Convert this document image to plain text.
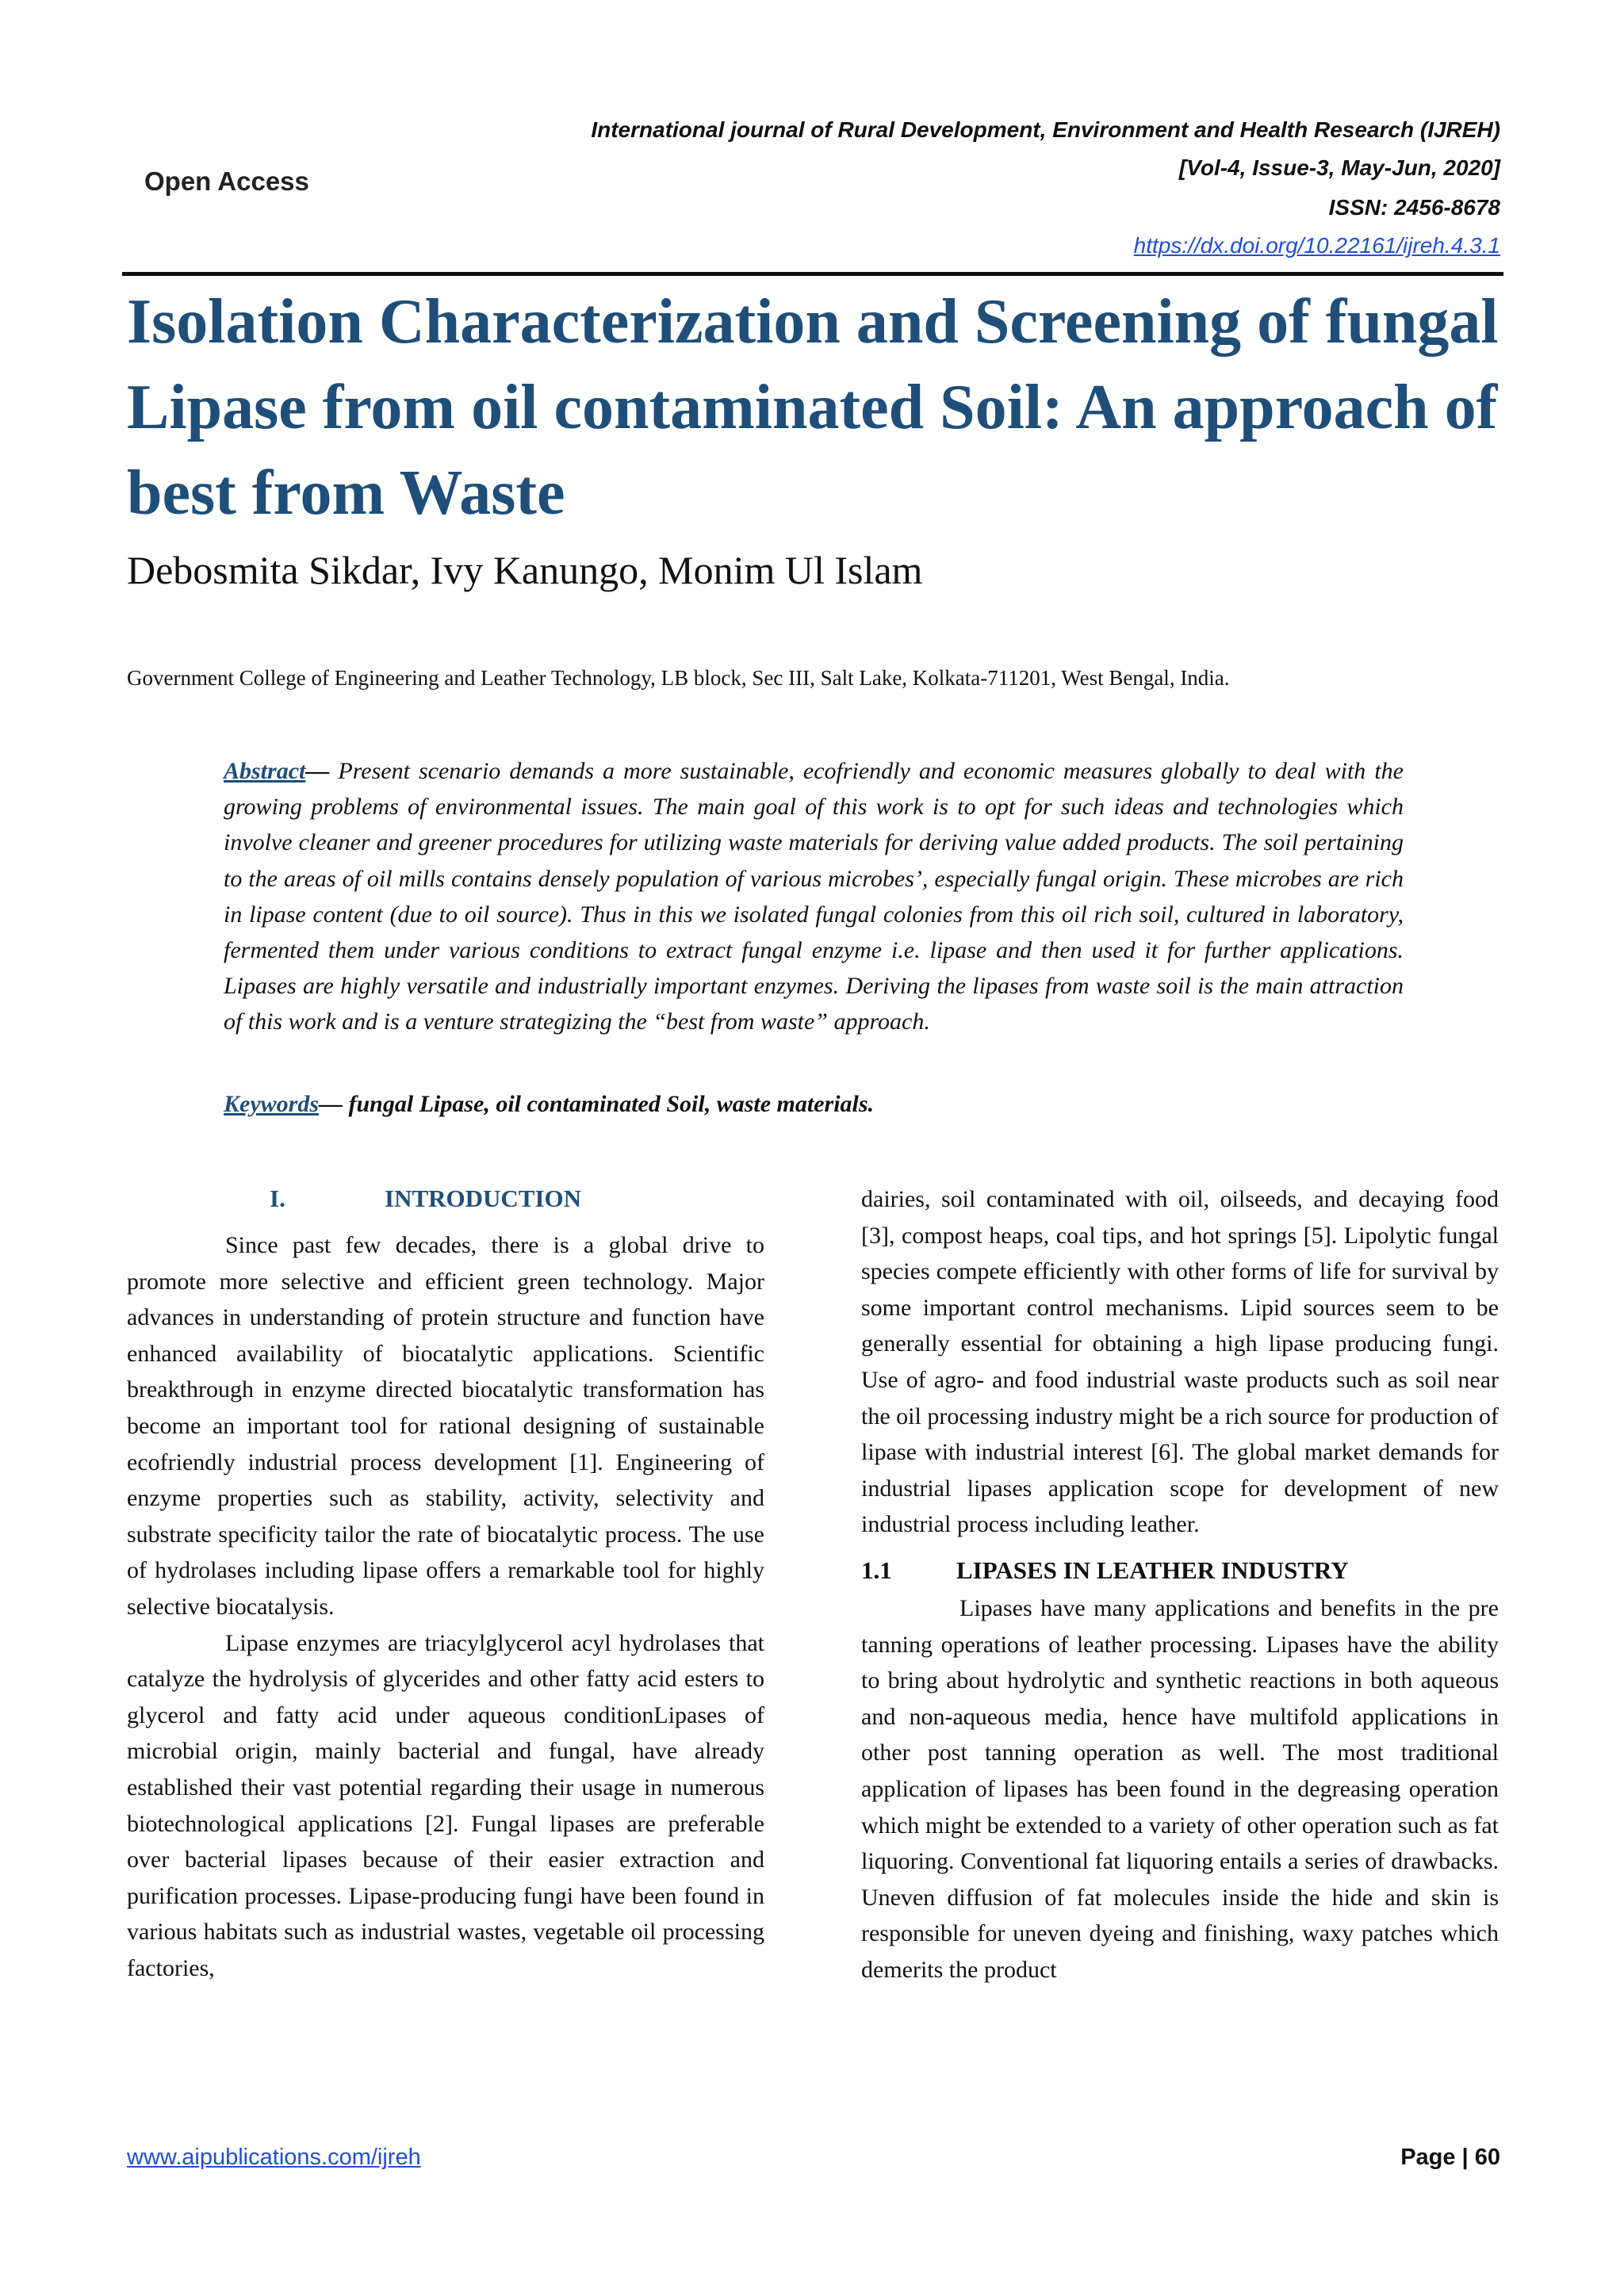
Open Access
International journal of Rural Development, Environment and Health Research (IJREH)
[Vol-4, Issue-3, May-Jun, 2020]
ISSN: 2456-8678
https://dx.doi.org/10.22161/ijreh.4.3.1
Isolation Characterization and Screening of fungal Lipase from oil contaminated Soil: An approach of best from Waste
Debosmita Sikdar, Ivy Kanungo, Monim Ul Islam
Government College of Engineering and Leather Technology, LB block, Sec III, Salt Lake, Kolkata-711201, West Bengal, India.
Abstract— Present scenario demands a more sustainable, ecofriendly and economic measures globally to deal with the growing problems of environmental issues. The main goal of this work is to opt for such ideas and technologies which involve cleaner and greener procedures for utilizing waste materials for deriving value added products. The soil pertaining to the areas of oil mills contains densely population of various microbes’, especially fungal origin. These microbes are rich in lipase content (due to oil source). Thus in this we isolated fungal colonies from this oil rich soil, cultured in laboratory, fermented them under various conditions to extract fungal enzyme i.e. lipase and then used it for further applications. Lipases are highly versatile and industrially important enzymes. Deriving the lipases from waste soil is the main attraction of this work and is a venture strategizing the “best from waste” approach.
Keywords— fungal Lipase, oil contaminated Soil, waste materials.
I.	INTRODUCTION

Since past few decades, there is a global drive to promote more selective and efficient green technology. Major advances in understanding of protein structure and function have enhanced availability of biocatalytic applications. Scientific breakthrough in enzyme directed biocatalytic transformation has become an important tool for rational designing of sustainable ecofriendly industrial process development [1]. Engineering of enzyme properties such as stability, activity, selectivity and substrate specificity tailor the rate of biocatalytic process. The use of hydrolases including lipase offers a remarkable tool for highly selective biocatalysis.

Lipase enzymes are triacylglycerol acyl hydrolases that catalyze the hydrolysis of glycerides and other fatty acid esters to glycerol and fatty acid under aqueous conditionLipases of microbial origin, mainly bacterial and fungal, have already established their vast potential regarding their usage in numerous biotechnological applications [2]. Fungal lipases are preferable over bacterial lipases because of their easier extraction and purification processes. Lipase-producing fungi have been found in various habitats such as industrial wastes, vegetable oil processing factories,

dairies, soil contaminated with oil, oilseeds, and decaying food [3], compost heaps, coal tips, and hot springs [5]. Lipolytic fungal species compete efficiently with other forms of life for survival by some important control mechanisms. Lipid sources seem to be generally essential for obtaining a high lipase producing fungi. Use of agro- and food industrial waste products such as soil near the oil processing industry might be a rich source for production of lipase with industrial interest [6]. The global market demands for industrial lipases application scope for development of new industrial process including leather.

1.1	LIPASES IN LEATHER INDUSTRY

Lipases have many applications and benefits in the pre tanning operations of leather processing. Lipases have the ability to bring about hydrolytic and synthetic reactions in both aqueous and non-aqueous media, hence have multifold applications in other post tanning operation as well. The most traditional application of lipases has been found in the degreasing operation which might be extended to a variety of other operation such as fat liquoring. Conventional fat liquoring entails a series of drawbacks. Uneven diffusion of fat molecules inside the hide and skin is responsible for uneven dyeing and finishing, waxy patches which demerits the product

www.aipublications.com/ijreh	Page | 60
